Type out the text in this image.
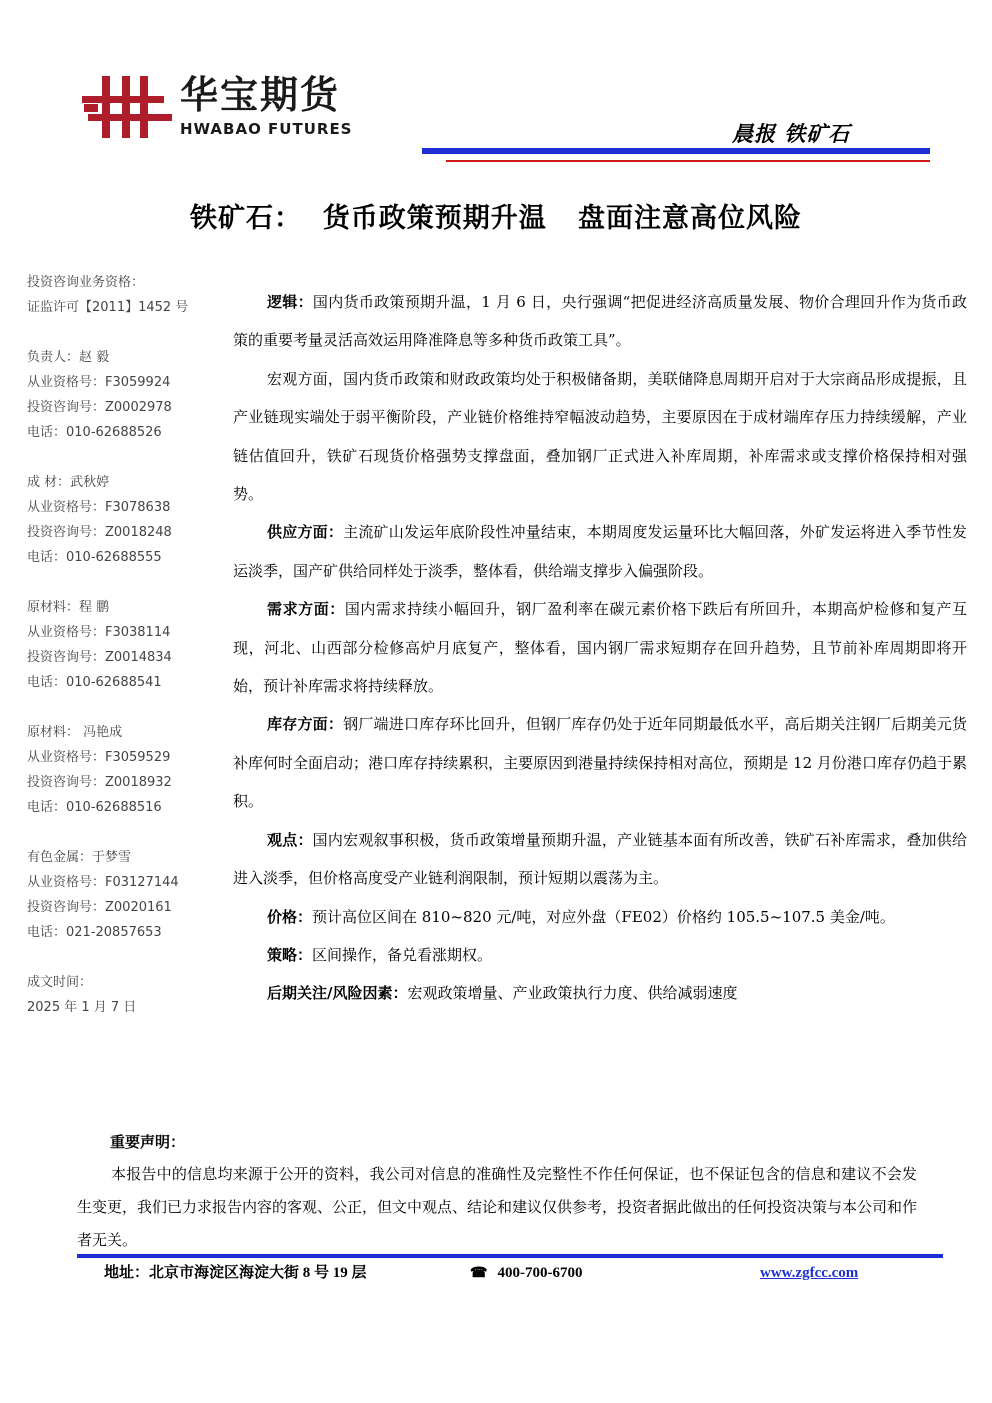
华宝期货
HWABAO FUTURES	晨报 铁矿石
铁矿石：  货币政策预期升温   盘面注意高位风险
投资咨询业务资格：
证监许可【2011】1452 号
负责人：赵 毅
从业资格号：F3059924
投资咨询号：Z0002978
电话：010-62688526
成 材：武秋婷
从业资格号：F3078638
投资咨询号：Z0018248
电话：010-62688555
原材料：程 鹏
从业资格号：F3038114
投资咨询号：Z0014834
电话：010-62688541
原材料： 冯艳成
从业资格号：F3059529
投资咨询号：Z0018932
电话：010-62688516
有色金属：于梦雪
从业资格号：F03127144
投资咨询号：Z0020161
电话：021-20857653
成文时间：
2025 年 1 月 7 日

逻辑：国内货币政策预期升温，1 月 6 日，央行强调“把促进经济高质量发展、物价合理回升作为货币政策的重要考量灵活高效运用降准降息等多种货币政策工具”。

宏观方面，国内货币政策和财政政策均处于积极储备期，美联储降息周期开启对于大宗商品形成提振，且产业链现实端处于弱平衡阶段，产业链价格维持窄幅波动趋势，主要原因在于成材端库存压力持续缓解，产业链估值回升，铁矿石现货价格强势支撑盘面，叠加钢厂正式进入补库周期，补库需求或支撑价格保持相对强势。

供应方面：主流矿山发运年底阶段性冲量结束，本期周度发运量环比大幅回落，外矿发运将进入季节性发运淡季，国产矿供给同样处于淡季，整体看，供给端支撑步入偏强阶段。

需求方面：国内需求持续小幅回升，钢厂盈利率在碳元素价格下跌后有所回升，本期高炉检修和复产互现，河北、山西部分检修高炉月底复产，整体看，国内钢厂需求短期存在回升趋势，且节前补库周期即将开始，预计补库需求将持续释放。

库存方面：钢厂端进口库存环比回升，但钢厂库存仍处于近年同期最低水平，高后期关注钢厂后期美元货补库何时全面启动；港口库存持续累积，主要原因到港量持续保持相对高位，预期是 12 月份港口库存仍趋于累积。

观点：国内宏观叙事积极，货币政策增量预期升温，产业链基本面有所改善，铁矿石补库需求，叠加供给进入淡季，但价格高度受产业链利润限制，预计短期以震荡为主。

价格：预计高位区间在 810~820 元/吨，对应外盘（FE02）价格约 105.5~107.5 美金/吨。

策略：区间操作，备兑看涨期权。

后期关注/风险因素：宏观政策增量、产业政策执行力度、供给减弱速度

重要声明：

本报告中的信息均来源于公开的资料，我公司对信息的准确性及完整性不作任何保证，也不保证包含的信息和建议不会发生变更，我们已力求报告内容的客观、公正，但文中观点、结论和建议仅供参考，投资者据此做出的任何投资决策与本公司和作者无关。

地址：北京市海淀区海淀大街 8 号 19 层	☎ 400-700-6700	www.zgfcc.com
